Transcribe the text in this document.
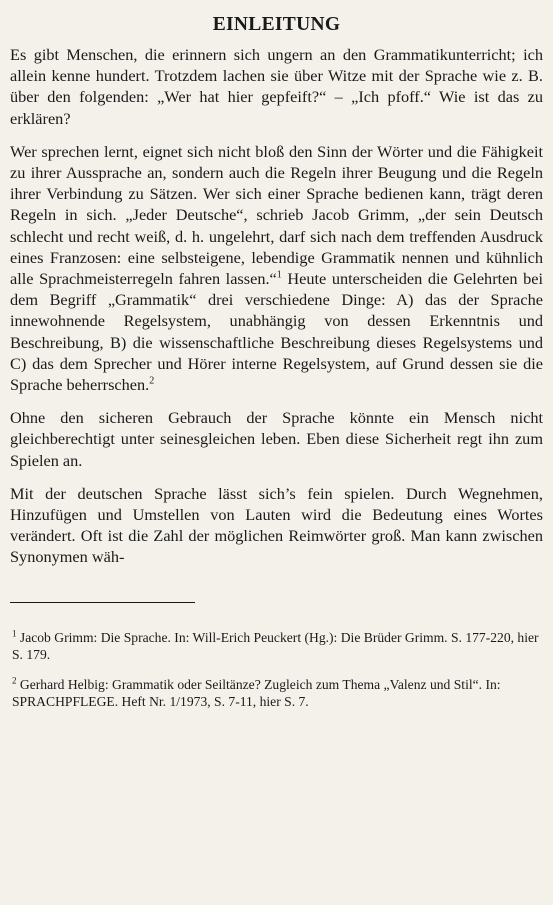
EINLEITUNG

Es gibt Menschen, die erinnern sich ungern an den Grammatikunterricht; ich allein kenne hundert. Trotzdem lachen sie über Witze mit der Sprache wie z. B. über den folgenden: „Wer hat hier gepfeift?“ – „Ich pfoff.“ Wie ist das zu erklären?

Wer sprechen lernt, eignet sich nicht bloß den Sinn der Wörter und die Fähigkeit zu ihrer Aussprache an, sondern auch die Regeln ihrer Beugung und die Regeln ihrer Verbindung zu Sätzen. Wer sich einer Sprache bedienen kann, trägt deren Regeln in sich. „Jeder Deutsche“, schrieb Jacob Grimm, „der sein Deutsch schlecht und recht weiß, d. h. ungelehrt, darf sich nach dem treffenden Ausdruck eines Franzosen: eine selbsteigene, lebendige Grammatik nennen und kühnlich alle Sprachmeisterregeln fahren lassen.“$^1$ Heute unterscheiden die Gelehrten bei dem Begriff „Grammatik“ drei verschiedene Dinge: A) das der Sprache innewohnende Regelsystem, unabhängig von dessen Erkenntnis und Beschreibung, B) die wissenschaftliche Beschreibung dieses Regelsystems und C) das dem Sprecher und Hörer interne Regelsystem, auf Grund dessen sie die Sprache beherrschen.$^2$

Ohne den sicheren Gebrauch der Sprache könnte ein Mensch nicht gleichberechtigt unter seinesgleichen leben. Eben diese Sicherheit regt ihn zum Spielen an.

Mit der deutschen Sprache lässt sich’s fein spielen. Durch Wegnehmen, Hinzufügen und Umstellen von Lauten wird die Bedeutung eines Wortes verändert. Oft ist die Zahl der möglichen Reimwörter groß. Man kann zwischen Synonymen wäh-

$^1$ Jacob Grimm: Die Sprache. In: Will-Erich Peuckert (Hg.): Die Brüder Grimm. S. 177-220, hier S. 179.

$^2$ Gerhard Helbig: Grammatik oder Seiltänze? Zugleich zum Thema „Valenz und Stil“. In: SPRACHPFLEGE. Heft Nr. 1/1973, S. 7-11, hier S. 7.
